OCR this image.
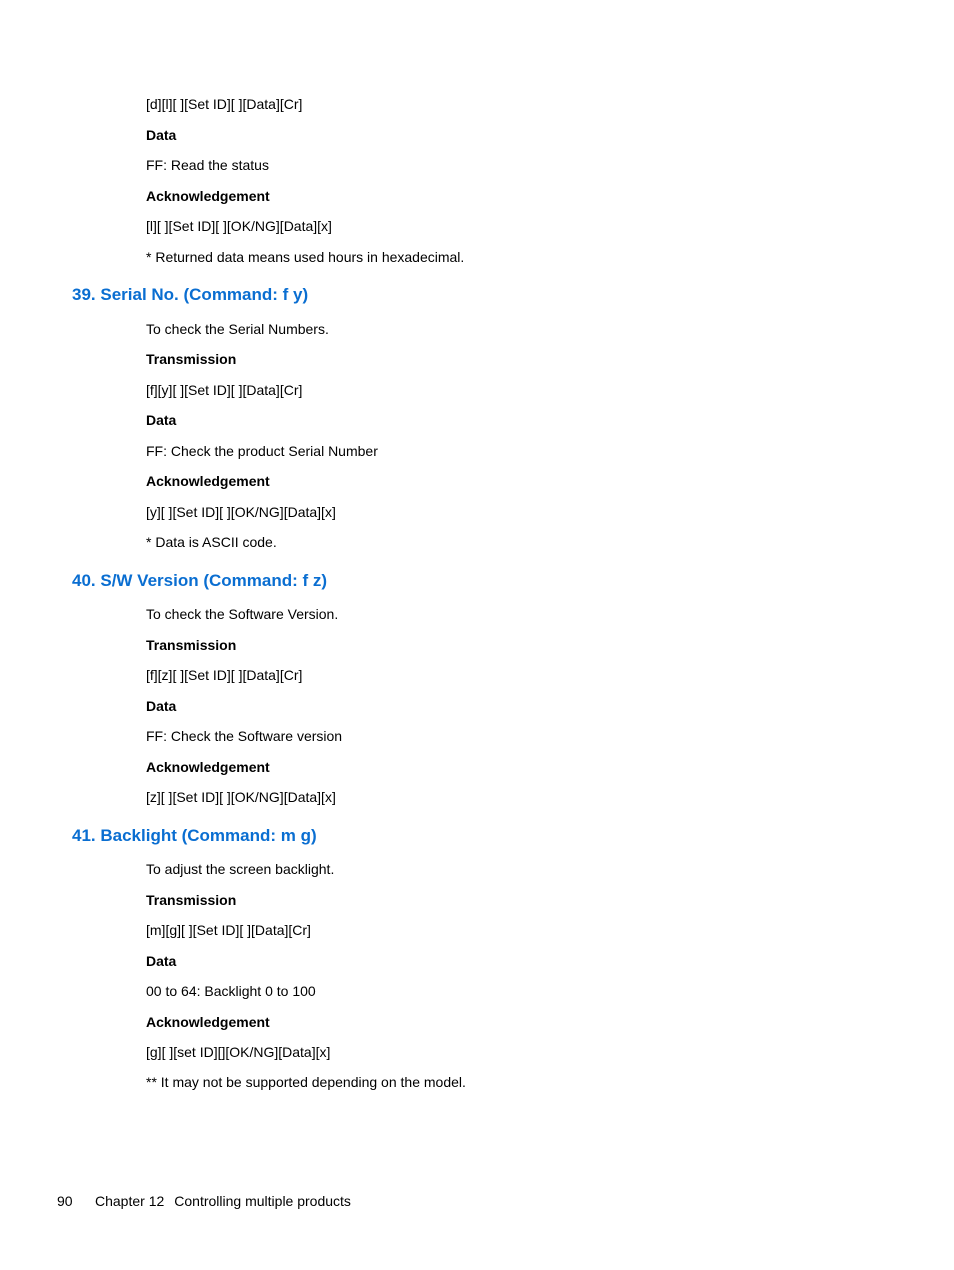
[d][l][ ][Set ID][ ][Data][Cr]
Data
FF: Read the status
Acknowledgement
[l][ ][Set ID][ ][OK/NG][Data][x]
* Returned data means used hours in hexadecimal.
39. Serial No. (Command: f y)
To check the Serial Numbers.
Transmission
[f][y][ ][Set ID][ ][Data][Cr]
Data
FF: Check the product Serial Number
Acknowledgement
[y][ ][Set ID][ ][OK/NG][Data][x]
* Data is ASCII code.
40. S/W Version (Command: f z)
To check the Software Version.
Transmission
[f][z][ ][Set ID][ ][Data][Cr]
Data
FF: Check the Software version
Acknowledgement
[z][ ][Set ID][ ][OK/NG][Data][x]
41. Backlight (Command: m g)
To adjust the screen backlight.
Transmission
[m][g][ ][Set ID][ ][Data][Cr]
Data
00 to 64: Backlight 0 to 100
Acknowledgement
[g][ ][set ID][][OK/NG][Data][x]
** It may not be supported depending on the model.
90 Chapter 12 Controlling multiple products
